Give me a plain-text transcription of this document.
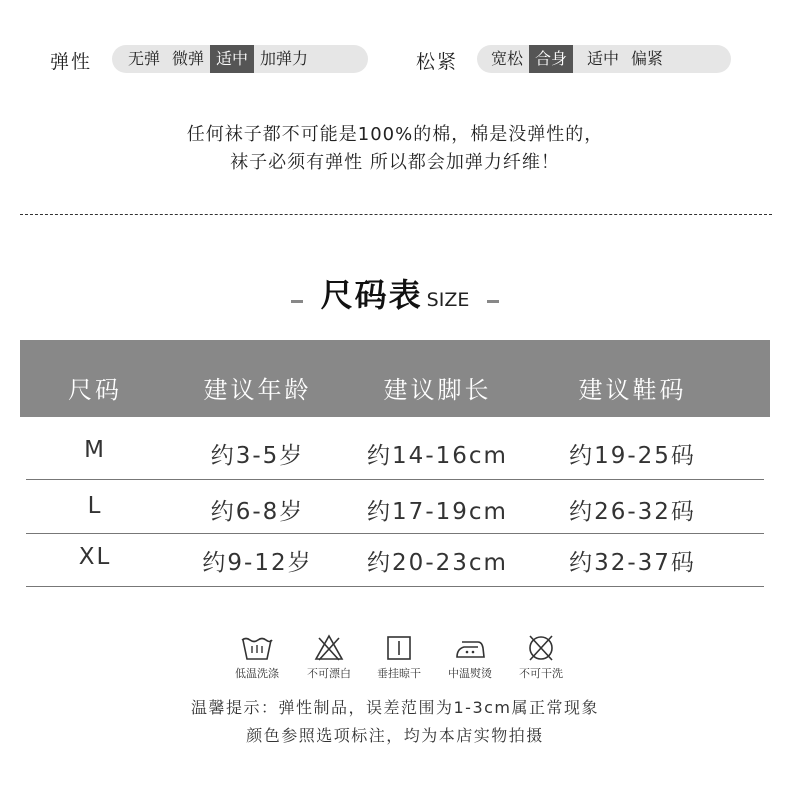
弹性	无弹 微弹 适中 加弹力	松紧	宽松 合身	适中 偏紧
任何袜子都不可能是100%的棉，棉是没弹性的，
袜子必须有弹性 所以都会加弹力纤维！
尺码表 SIZE
尺码	建议年龄	建议脚长	建议鞋码
M	约3-5岁	约14-16cm	约19-25码
L	约6-8岁	约17-19cm	约26-32码
XL	约9-12岁	约20-23cm	约32-37码
低温洗涤	不可漂白	垂挂晾干	中温熨烫	不可干洗
温馨提示：弹性制品，误差范围为1-3cm属正常现象
颜色参照选项标注，均为本店实物拍摄
